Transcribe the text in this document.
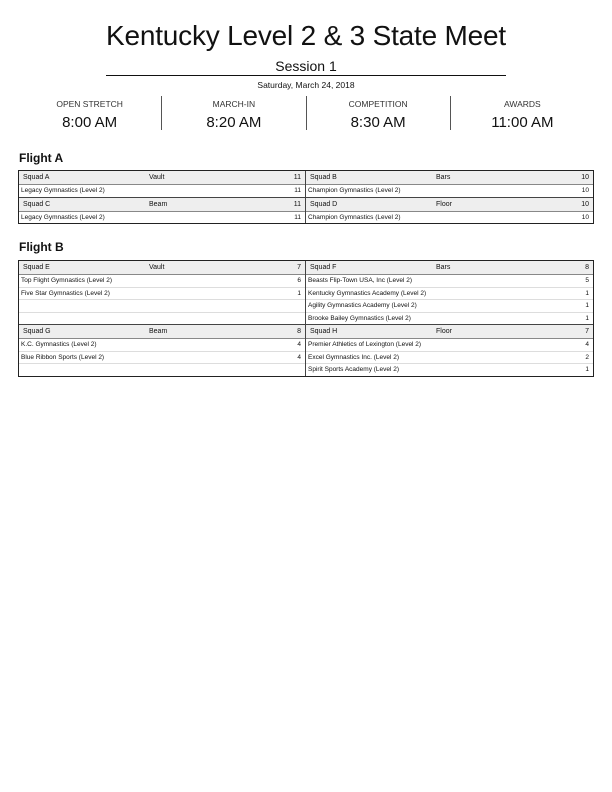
Kentucky Level 2 & 3 State Meet
Session 1
Saturday, March 24, 2018
OPEN STRETCH
8:00 AM
MARCH-IN
8:20 AM
COMPETITION
8:30 AM
AWARDS
11:00 AM
Flight A
Squad A	Vault	11
Legacy Gymnastics (Level 2)	11
Squad B	Bars	10
Champion Gymnastics (Level 2)	10
Squad C	Beam	11
Legacy Gymnastics (Level 2)	11
Squad D	Floor	10
Champion Gymnastics (Level 2)	10
Flight B
Squad E	Vault	7
Top Flight Gymnastics (Level 2)	6
Five Star Gymnastics (Level 2)	1
Squad F	Bars	8
Beasts Flip-Town USA, Inc (Level 2)	5
Kentucky Gymnastics Academy (Level 2)	1
Agility Gymnastics Academy (Level 2)	1
Brooke Bailey Gymnastics (Level 2)	1
Squad G	Beam	8
K.C. Gymnastics (Level 2)	4
Blue Ribbon Sports (Level 2)	4
Squad H	Floor	7
Premier Athletics of Lexington (Level 2)	4
Excel Gymnastics Inc. (Level 2)	2
Spirit Sports Academy (Level 2)	1
